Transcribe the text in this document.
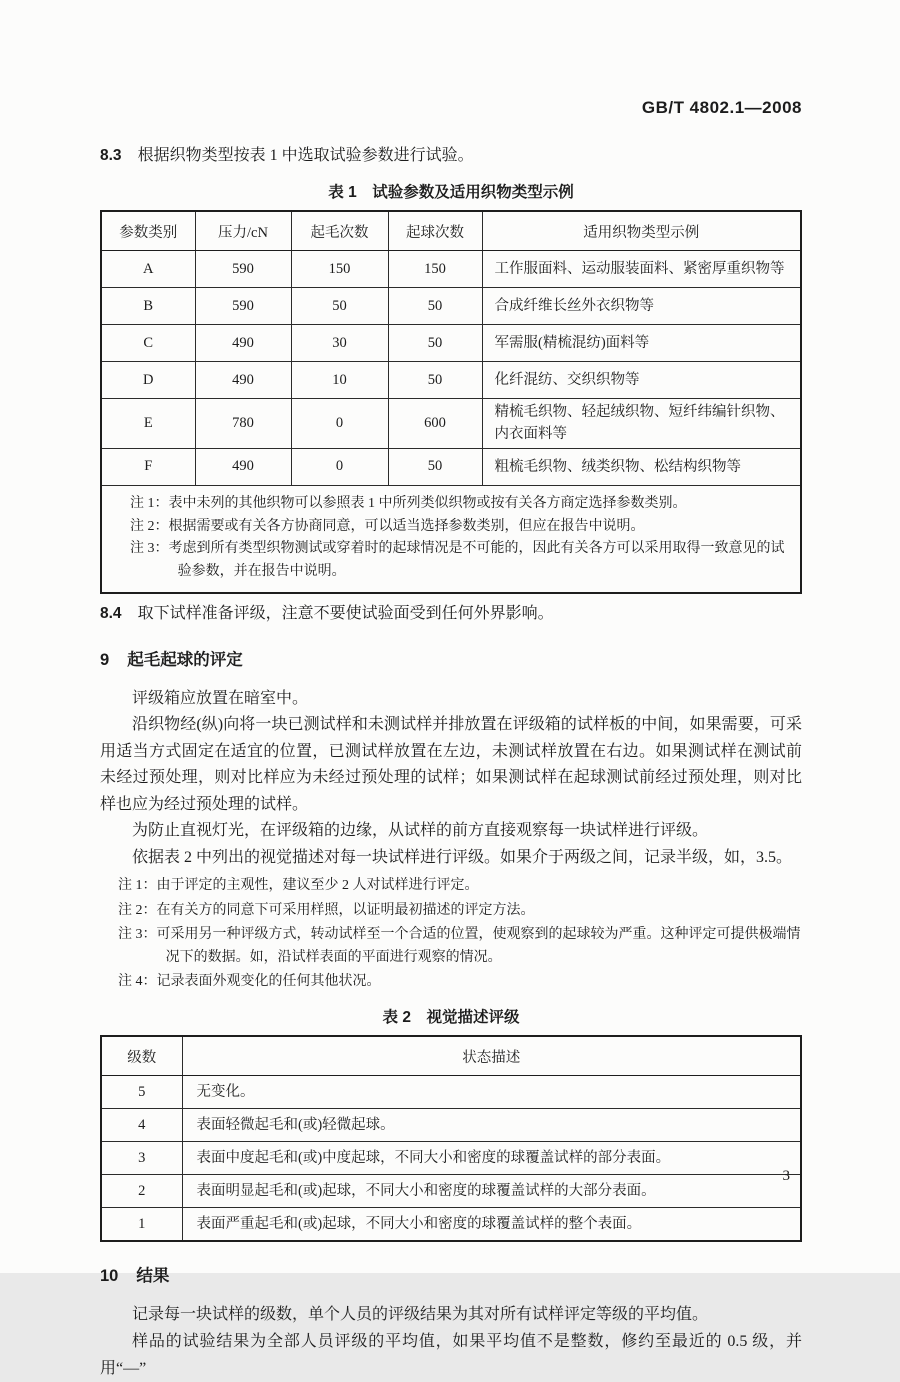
GB/T 4802.1—2008
8.3 根据织物类型按表 1 中选取试验参数进行试验。
表 1　试验参数及适用织物类型示例
参数类别	压力/cN	起毛次数	起球次数	适用织物类型示例
A	590	150	150	工作服面料、运动服装面料、紧密厚重织物等
B	590	50	50	合成纤维长丝外衣织物等
C	490	30	50	军需服(精梳混纺)面料等
D	490	10	50	化纤混纺、交织织物等
E	780	0	600	精梳毛织物、轻起绒织物、短纤纬编针织物、内衣面料等
F	490	0	50	粗梳毛织物、绒类织物、松结构织物等

注 1：表中未列的其他织物可以参照表 1 中所列类似织物或按有关各方商定选择参数类别。
注 2：根据需要或有关各方协商同意，可以适当选择参数类别，但应在报告中说明。
注 3：考虑到所有类型织物测试或穿着时的起球情况是不可能的，因此有关各方可以采用取得一致意见的试验参数，并在报告中说明。				
8.4 取下试样准备评级，注意不要使试验面受到任何外界影响。
9 起毛起球的评定

评级箱应放置在暗室中。

沿织物经(纵)向将一块已测试样和未测试样并排放置在评级箱的试样板的中间，如果需要，可采用适当方式固定在适宜的位置，已测试样放置在左边，未测试样放置在右边。如果测试样在测试前未经过预处理，则对比样应为未经过预处理的试样；如果测试样在起球测试前经过预处理，则对比样也应为经过预处理的试样。

为防止直视灯光，在评级箱的边缘，从试样的前方直接观察每一块试样进行评级。

依据表 2 中列出的视觉描述对每一块试样进行评级。如果介于两级之间，记录半级，如，3.5。

注 1：由于评定的主观性，建议至少 2 人对试样进行评定。
注 2：在有关方的同意下可采用样照，以证明最初描述的评定方法。
注 3：可采用另一种评级方式，转动试样至一个合适的位置，使观察到的起球较为严重。这种评定可提供极端情况下的数据。如，沿试样表面的平面进行观察的情况。
注 4：记录表面外观变化的任何其他状况。
表 2　视觉描述评级
级数	状态描述
5	无变化。
4	表面轻微起毛和(或)轻微起球。
3	表面中度起毛和(或)中度起球，不同大小和密度的球覆盖试样的部分表面。
2	表面明显起毛和(或)起球，不同大小和密度的球覆盖试样的大部分表面。
1	表面严重起毛和(或)起球，不同大小和密度的球覆盖试样的整个表面。
10 结果

记录每一块试样的级数，单个人员的评级结果为其对所有试样评定等级的平均值。

样品的试验结果为全部人员评级的平均值，如果平均值不是整数，修约至最近的 0.5 级，并用“—”

3
